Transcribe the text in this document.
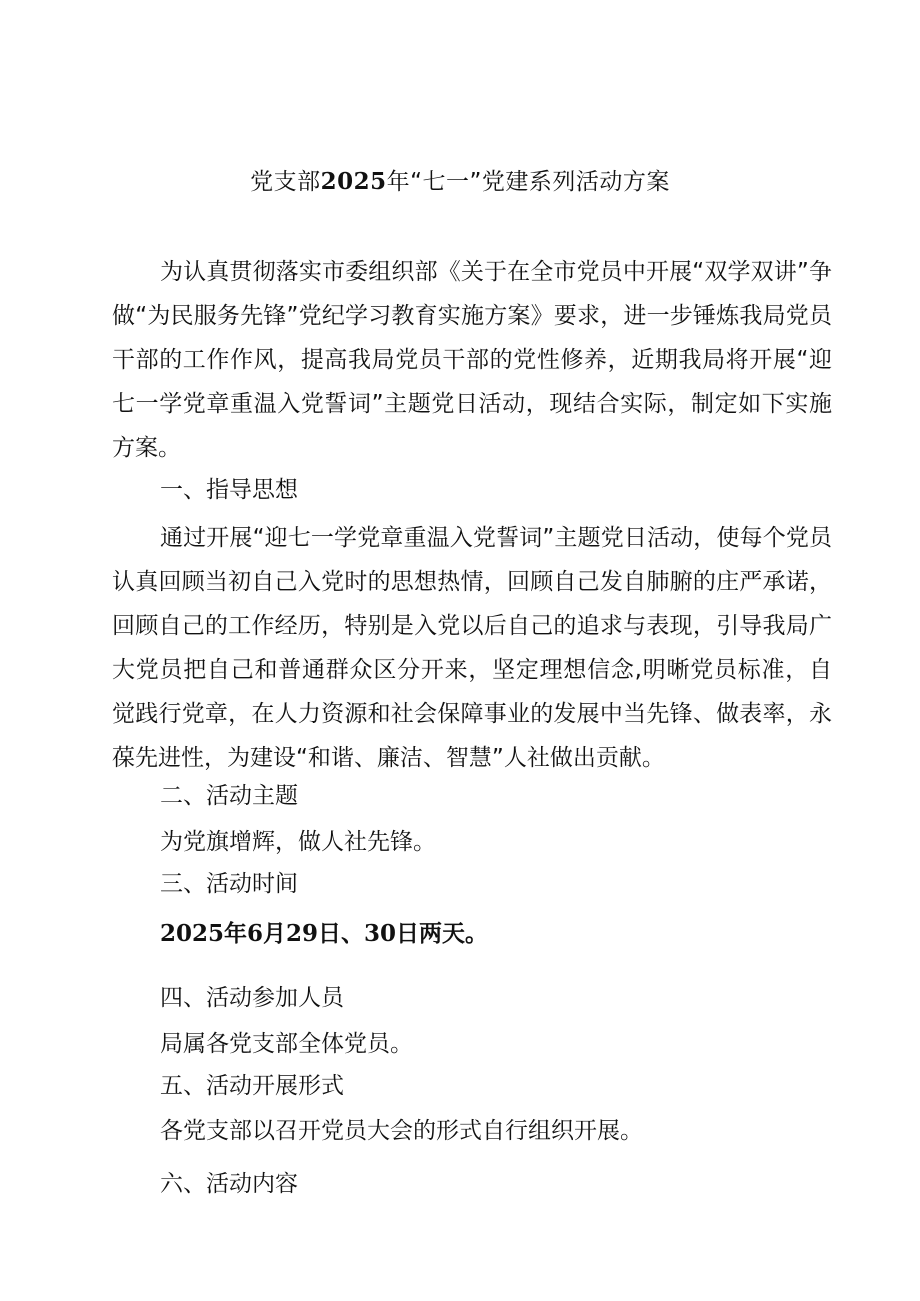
党支部2025年“七一”党建系列活动方案

为认真贯彻落实市委组织部《关于在全市党员中开展“双学双讲”争做“为民服务先锋”党纪学习教育实施方案》要求，进一步锤炼我局党员干部的工作作风，提高我局党员干部的党性修养，近期我局将开展“迎七一学党章重温入党誓词”主题党日活动，现结合实际，制定如下实施方案。

一、指导思想

通过开展“迎七一学党章重温入党誓词”主题党日活动，使每个党员认真回顾当初自己入党时的思想热情，回顾自己发自肺腑的庄严承诺，回顾自己的工作经历，特别是入党以后自己的追求与表现，引导我局广大党员把自己和普通群众区分开来，坚定理想信念,明晰党员标准，自觉践行党章，在人力资源和社会保障事业的发展中当先锋、做表率，永葆先进性，为建设“和谐、廉洁、智慧”人社做出贡献。

二、活动主题

为党旗增辉，做人社先锋。

三、活动时间

2025年6月29日、30日两天。

四、活动参加人员

局属各党支部全体党员。

五、活动开展形式

各党支部以召开党员大会的形式自行组织开展。

六、活动内容
